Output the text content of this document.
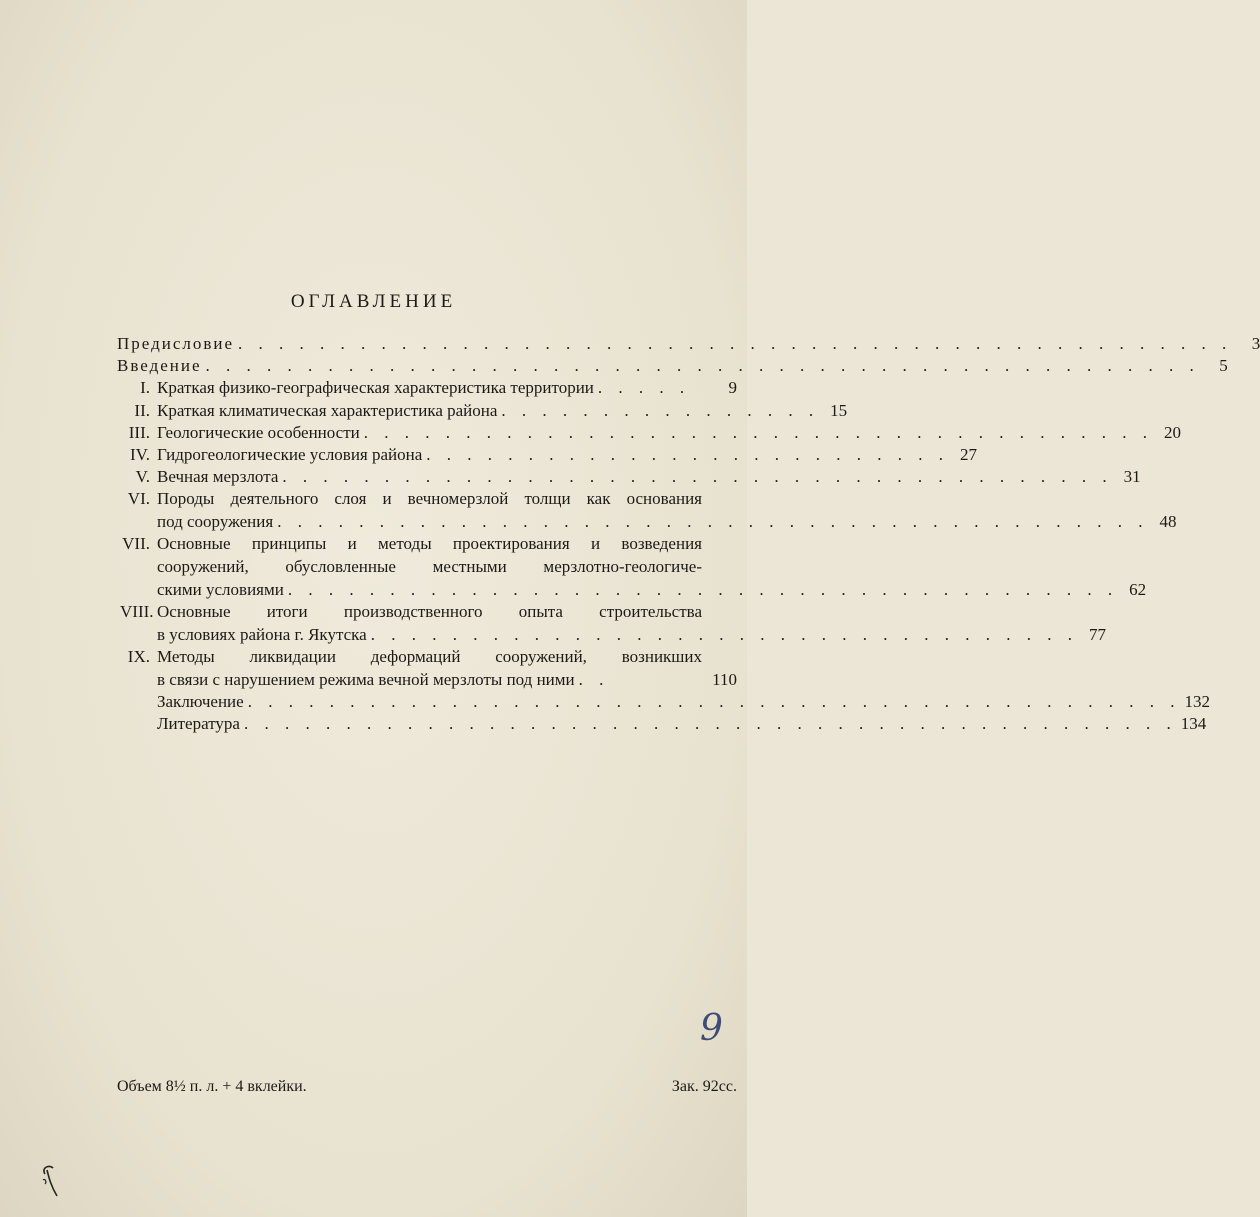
ОГЛАВЛЕНИЕ
Предисловие . . . . . . . . . . . . . . . . . . . . . . . . . . . . . . . . . . . . . . . . . . . . . . . . .	3
Введение . . . . . . . . . . . . . . . . . . . . . . . . . . . . . . . . . . . . . . . . . . . . . . . . .	5
I. Краткая физико-географическая характеристика территории . . . . .	9
II. Краткая климатическая характеристика района . . . . . . . . . . . . . . . . 15
III. Геологические особенности . . . . . . . . . . . . . . . . . . . . . . . . . . . . . . . . . . . . . . . 20
IV. Гидрогеологические условия района . . . . . . . . . . . . . . . . . . . . . . . . . . 27
V. Вечная мерзлота . . . . . . . . . . . . . . . . . . . . . . . . . . . . . . . . . . . . . . . . . 31
VI. Породы деятельного слоя и вечномерзлой толщи как основания
под сооружения . . . . . . . . . . . . . . . . . . . . . . . . . . . . . . . . . . . . . . . . . . . 48
VII. Основные принципы и методы проектирования и возведения
сооружений, обусловленные местными мерзлотно-геологиче-
скими условиями . . . . . . . . . . . . . . . . . . . . . . . . . . . . . . . . . . . . . . . . . 62
VIII. Основные итоги производственного опыта строительства
в условиях района г. Якутска . . . . . . . . . . . . . . . . . . . . . . . . . . . . . . . . . . . 77
IX. Методы ликвидации деформаций сооружений, возникших
в связи с нарушением режима вечной мерзлоты под ними . .	110
Заключение . . . . . . . . . . . . . . . . . . . . . . . . . . . . . . . . . . . . . . . . . . . . . . 132
Литература . . . . . . . . . . . . . . . . . . . . . . . . . . . . . . . . . . . . . . . . . . . . . . 134
9
Объем 8½ п. л. + 4 вклейки.	Зак. 92сс.
